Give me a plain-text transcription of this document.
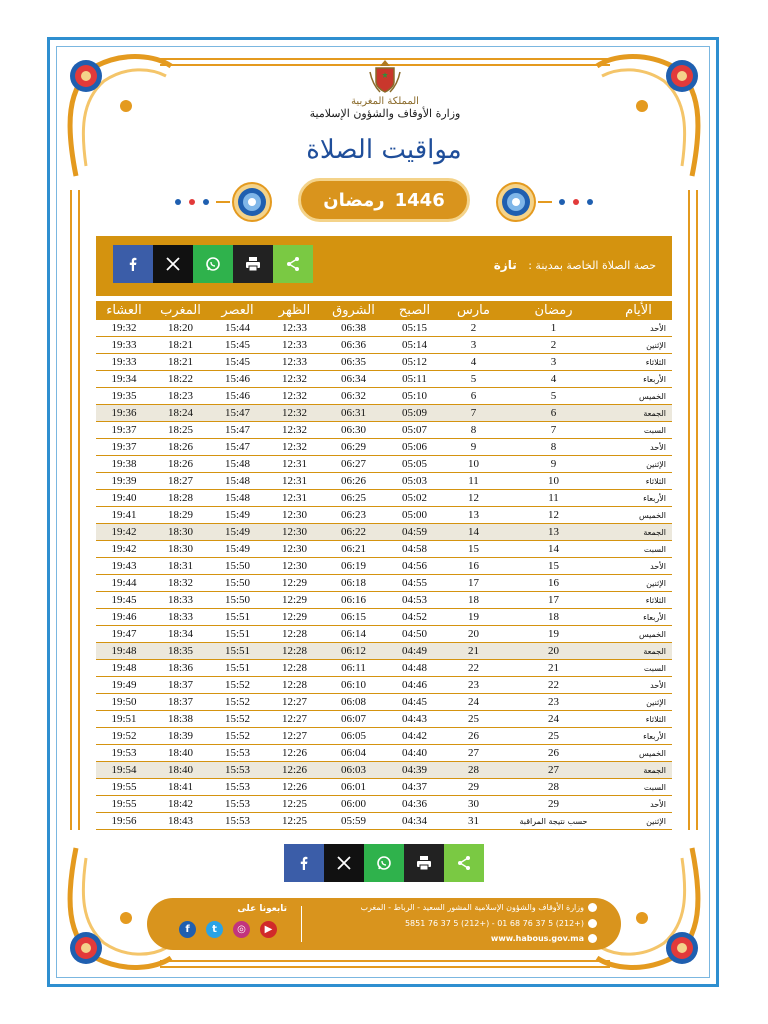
المملكة المغربية
وزارة الأوقاف والشؤون الإسلامية
مواقيت الصلاة
رمضان 1446
حصة الصلاة الخاصة بمدينة : تازة
العشاء	المغرب	العصر	الظهر	الشروق	الصبح	مارس	رمضان	الأيام
19:32	18:20	15:44	12:33	06:38	05:15	2	1	الأحد
19:33	18:21	15:45	12:33	06:36	05:14	3	2	الإثنين
19:33	18:21	15:45	12:33	06:35	05:12	4	3	الثلاثاء
19:34	18:22	15:46	12:32	06:34	05:11	5	4	الأربعاء
19:35	18:23	15:46	12:32	06:32	05:10	6	5	الخميس
19:36	18:24	15:47	12:32	06:31	05:09	7	6	الجمعة
19:37	18:25	15:47	12:32	06:30	05:07	8	7	السبت
19:37	18:26	15:47	12:32	06:29	05:06	9	8	الأحد
19:38	18:26	15:48	12:31	06:27	05:05	10	9	الإثنين
19:39	18:27	15:48	12:31	06:26	05:03	11	10	الثلاثاء
19:40	18:28	15:48	12:31	06:25	05:02	12	11	الأربعاء
19:41	18:29	15:49	12:30	06:23	05:00	13	12	الخميس
19:42	18:30	15:49	12:30	06:22	04:59	14	13	الجمعة
19:42	18:30	15:49	12:30	06:21	04:58	15	14	السبت
19:43	18:31	15:50	12:30	06:19	04:56	16	15	الأحد
19:44	18:32	15:50	12:29	06:18	04:55	17	16	الإثنين
19:45	18:33	15:50	12:29	06:16	04:53	18	17	الثلاثاء
19:46	18:33	15:51	12:29	06:15	04:52	19	18	الأربعاء
19:47	18:34	15:51	12:28	06:14	04:50	20	19	الخميس
19:48	18:35	15:51	12:28	06:12	04:49	21	20	الجمعة
19:48	18:36	15:51	12:28	06:11	04:48	22	21	السبت
19:49	18:37	15:52	12:28	06:10	04:46	23	22	الأحد
19:50	18:37	15:52	12:27	06:08	04:45	24	23	الإثنين
19:51	18:38	15:52	12:27	06:07	04:43	25	24	الثلاثاء
19:52	18:39	15:52	12:27	06:05	04:42	26	25	الأربعاء
19:53	18:40	15:53	12:26	06:04	04:40	27	26	الخميس
19:54	18:40	15:53	12:26	06:03	04:39	28	27	الجمعة
19:55	18:41	15:53	12:26	06:01	04:37	29	28	السبت
19:55	18:42	15:53	12:25	06:00	04:36	30	29	الأحد
19:56	18:43	15:53	12:25	05:59	04:34	31	حسب نتيجة المراقبة	الإثنين
تابعونا على
f	t	◎	▶
وزارة الأوقاف والشؤون الإسلامية المشور السعيد - الرباط - المغرب
(+212) 5 37 76 68 01 - (+212) 5 37 76 5851
www.habous.gov.ma
